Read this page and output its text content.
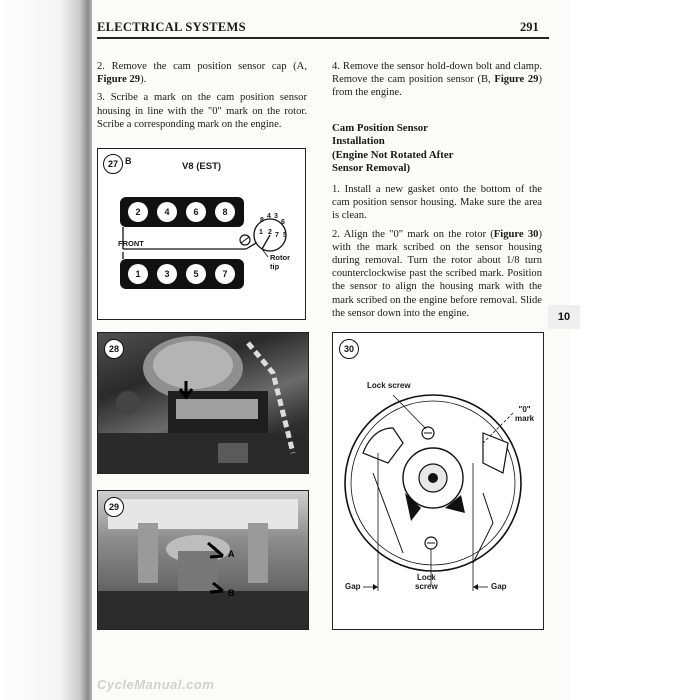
ELECTRICAL SYSTEMS	291

2. Remove the cam position sensor cap (A, Figure 29).

3. Scribe a mark on the cam position sensor housing in line with the "0" mark on the rotor. Scribe a corresponding mark on the engine.

4. Remove the sensor hold-down bolt and clamp. Remove the cam position sensor (B, Figure 29) from the engine.

Cam Position Sensor
Installation
(Engine Not Rotated After
Sensor Removal)

1. Install a new gasket onto the bottom of the cam position sensor housing. Make sure the area is clean.

2. Align the "0" mark on the rotor (Figure 30) with the mark scribed on the sensor housing during removal. Turn the rotor about 1/8 turn counterclockwise past the scribed mark. Position the sensor to align the housing mark with the mark scribed on the engine before removal. Slide the sensor down into the engine.	10
27 B	V8 (EST)
2	4	6	8
1	3	5	7
FRONT
8
4 3
6
1 2 7 5
Rotor
tip
28
29
A
B
30
Lock screw
"0"
mark
Lock
screw
Gap	Gap
CycleManual.com
